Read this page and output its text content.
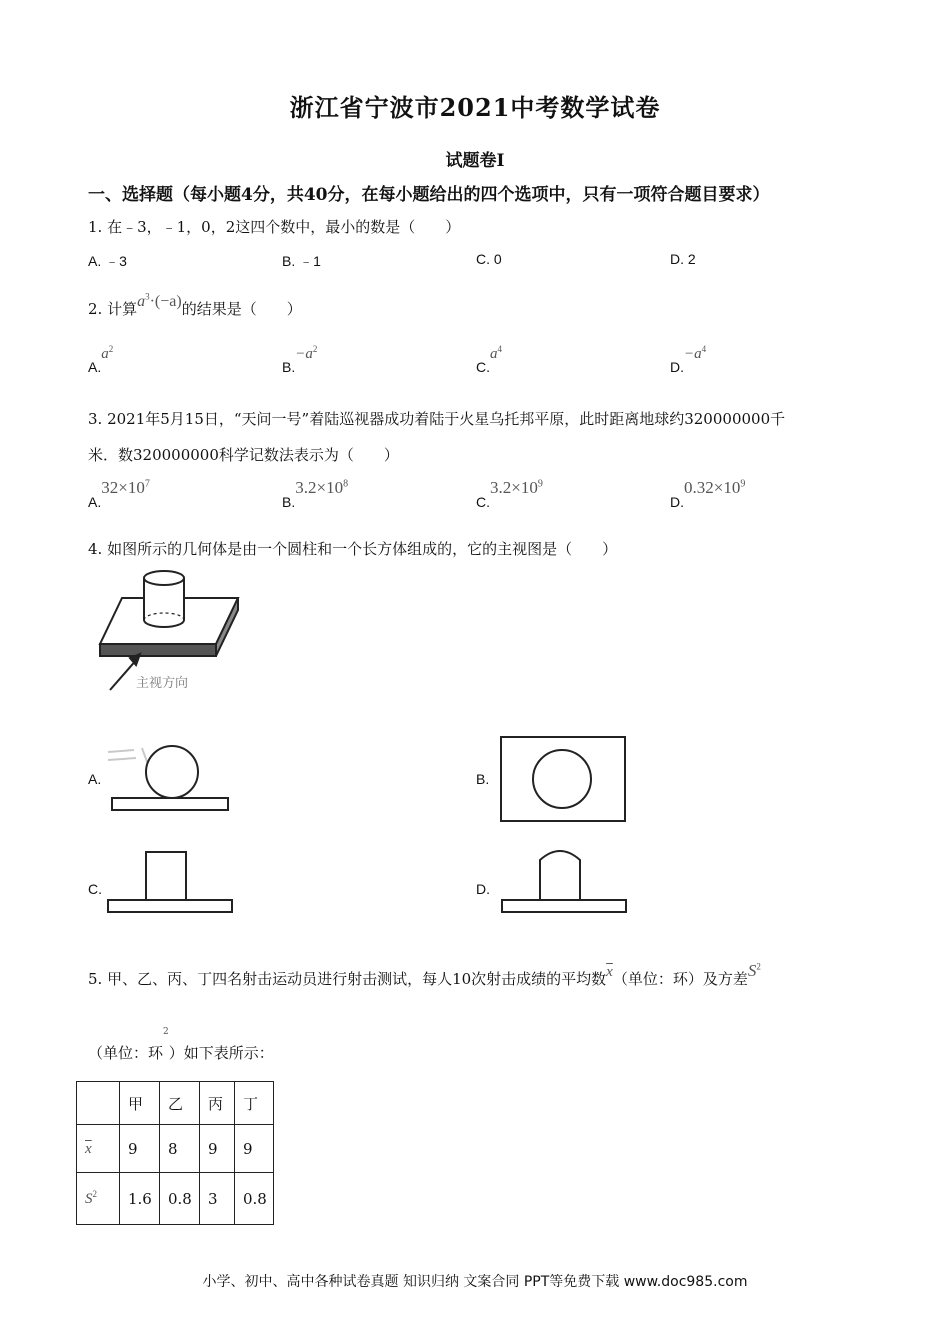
浙江省宁波市2021中考数学试卷
试题卷Ⅰ
一、选择题（每小题4分，共40分，在每小题给出的四个选项中，只有一项符合题目要求）
1. 在﹣3，﹣1，0，2这四个数中，最小的数是（　　）
A. ﹣3	B. ﹣1	C. 0	D. 2
2. 计算$a^3\cdot(-a)$的结果是（　　）
$A.a^2$
$B.-a^2$
$C.a^4$
$D.-a^4$
3. 2021年5月15日，“天问一号”着陆巡视器成功着陆于火星乌托邦平原，此时距离地球约320000000千
米．数320000000科学记数法表示为（　　）
$A.32\times 10^7$
$B.3.2\times 10^8$
$C.3.2\times 10^9$
$D.0.32\times 10^9$
4. 如图所示的几何体是由一个圆柱和一个长方体组成的，它的主视图是（　　）
主视方向
A.	B.
C.	D.
5. 甲、乙、丙、丁四名射击运动员进行射击测试，每人10次射击成绩的平均数$\overline{x}$（单位：环）及方差$S^2$
（单位：环$^2$）如下表所示：
	甲	乙	丙	丁
$\overline{x}$	9	8	9	9
$S^2$	1.6	0.8	3	0.8
小学、初中、高中各种试卷真题 知识归纳 文案合同 PPT等免费下载 www.doc985.com
